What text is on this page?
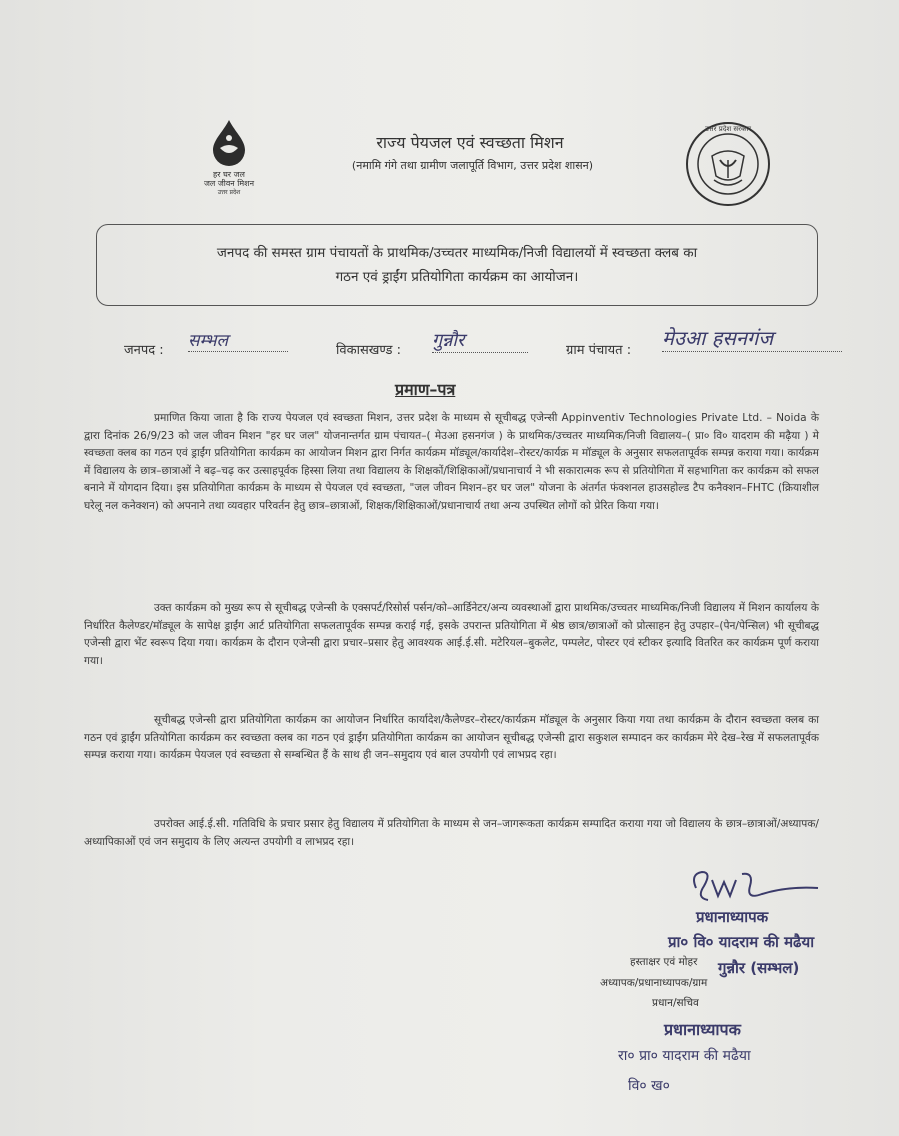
हर घर जल
जल जीवन मिशन
उत्तर प्रदेश
राज्य पेयजल एवं स्वच्छता मिशन
(नमामि गंगे तथा ग्रामीण जलापूर्ति विभाग, उत्तर प्रदेश शासन)
उत्तर प्रदेश सरकार
जनपद की समस्त ग्राम पंचायतों के प्राथमिक/उच्चतर माध्यमिक/निजी विद्यालयों में स्वच्छता क्लब का
गठन एवं ड्राईंग प्रतियोगिता कार्यक्रम का आयोजन।
जनपद : सम्भल	विकासखण्ड : गुन्नौर	ग्राम पंचायत :
मेउआ हसनगंज
प्रमाण–पत्र
प्रमाणित किया जाता है कि राज्य पेयजल एवं स्वच्छता मिशन, उत्तर प्रदेश के माध्यम से सूचीबद्ध एजेन्सी Appinventiv Technologies Private Ltd. – Noida के द्वारा दिनांक 26/9/23 को जल जीवन मिशन "हर घर जल" योजनान्तर्गत ग्राम पंचायत–( मेउआ हसनगंज ) के प्राथमिक/उच्चतर माध्यमिक/निजी विद्यालय–( प्रा० वि० यादराम की मढ़ैया ) मे स्वच्छता क्लब का गठन एवं ड्राईंग प्रतियोगिता कार्यक्रम का आयोजन मिशन द्वारा निर्गत कार्यक्रम मॉड्यूल/कार्यादेश–रोस्टर/कार्यक्र म मॉड्यूल के अनुसार सफलतापूर्वक सम्पन्न कराया गया। कार्यक्रम में विद्यालय के छात्र–छात्राओं ने बढ़–चढ़ कर उत्साहपूर्वक हिस्सा लिया तथा विद्यालय के शिक्षकों/शिक्षिकाओं/प्रधानाचार्य ने भी सकारात्मक रूप से प्रतियोगिता में सहभागिता कर कार्यक्रम को सफल बनाने में योगदान दिया। इस प्रतियोगिता कार्यक्रम के माध्यम से पेयजल एवं स्वच्छता, "जल जीवन मिशन–हर घर जल" योजना के अंतर्गत फंक्शनल हाउसहोल्ड टैप कनैक्शन–FHTC (क्रियाशील घरेलू नल कनेक्शन) को अपनाने तथा व्यवहार परिवर्तन हेतु छात्र–छात्राओं, शिक्षक/शिक्षिकाओं/प्रधानाचार्य तथा अन्य उपस्थित लोगों को प्रेरित किया गया।
उक्त कार्यक्रम को मुख्य रूप से सूचीबद्ध एजेन्सी के एक्सपर्ट/रिसोर्स पर्सन/को–आर्डिनेटर/अन्य व्यवस्थाओं द्वारा प्राथमिक/उच्चतर माध्यमिक/निजी विद्यालय में मिशन कार्यालय के निर्धारित कैलेण्डर/मॉड्यूल के सापेक्ष ड्राईंग आर्ट प्रतियोगिता सफलतापूर्वक सम्पन्न कराई गई, इसके उपरान्त प्रतियोगिता में श्रेष्ठ छात्र/छात्राओं को प्रोत्साहन हेतु उपहार–(पेन/पेन्सिल) भी सूचीबद्ध एजेन्सी द्वारा भेंट स्वरूप दिया गया। कार्यक्रम के दौरान एजेन्सी द्वारा प्रचार–प्रसार हेतु आवश्यक आई.ई.सी. मटेरियल–बुकलेट, पम्पलेट, पोस्टर एवं स्टीकर इत्यादि वितरित कर कार्यक्रम पूर्ण कराया गया।
सूचीबद्ध एजेन्सी द्वारा प्रतियोगिता कार्यक्रम का आयोजन निर्धारित कार्यादेश/कैलेण्डर–रोस्टर/कार्यक्रम मॉड्यूल के अनुसार किया गया तथा कार्यक्रम के दौरान स्वच्छता क्लब का गठन एवं ड्राईंग प्रतियोगिता कार्यक्रम कर स्वच्छता क्लब का गठन एवं ड्राईंग प्रतियोगिता कार्यक्रम का आयोजन सूचीबद्ध एजेन्सी द्वारा सकुशल सम्पादन कर कार्यक्रम मेरे देख–रेख में सफलतापूर्वक सम्पन्न कराया गया। कार्यक्रम पेयजल एवं स्वच्छता से सम्बन्धित हैं के साथ ही जन–समुदाय एवं बाल उपयोगी एवं लाभप्रद रहा।
उपरोक्त आई.ई.सी. गतिविधि के प्रचार प्रसार हेतु विद्यालय में प्रतियोगिता के माध्यम से जन–जागरूकता कार्यक्रम सम्पादित कराया गया जो विद्यालय के छात्र–छात्राओं/अध्यापक/अध्यापिकाओं एवं जन समुदाय के लिए अत्यन्त उपयोगी व लाभप्रद रहा।
प्रधानाध्यापक
प्रा० वि० यादराम की मढैया
हस्ताक्षर एवं मोहर
अध्यापक/प्रधानाध्यापक/ग्राम
गुन्नौर (सम्भल)
प्रधान/सचिव
प्रधानाध्यापक
रा० प्रा० यादराम की मढैया
वि० ख०
